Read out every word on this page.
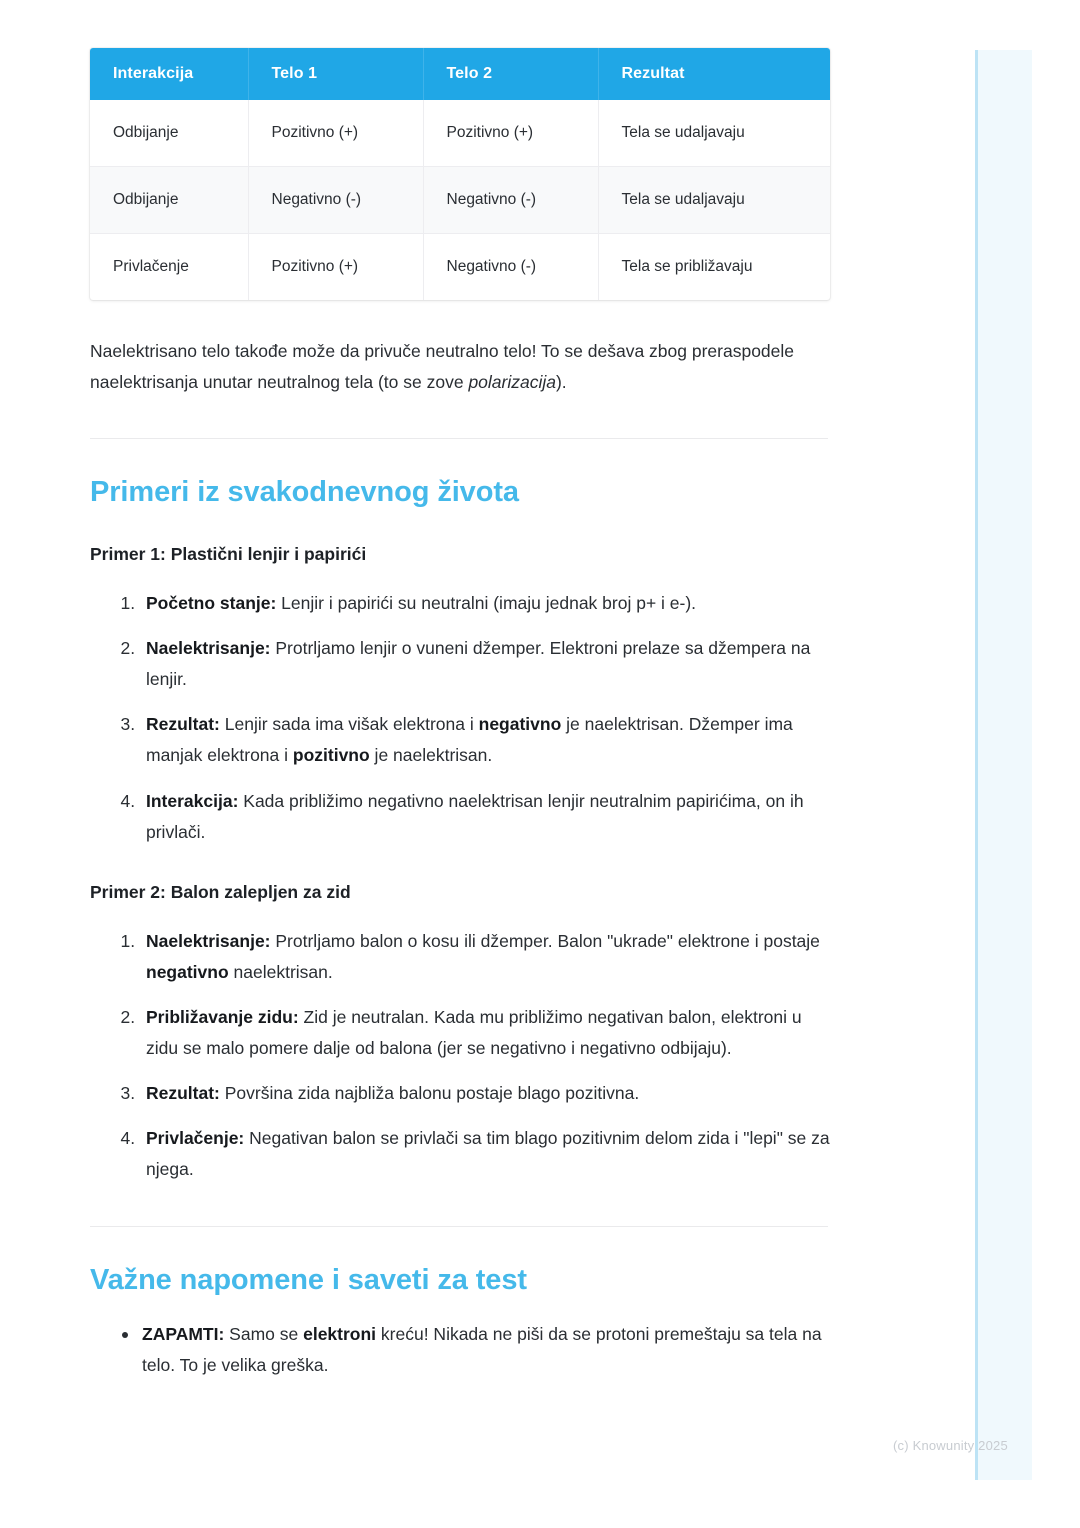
Interakcija	Telo 1	Telo 2	Rezultat
Odbijanje	Pozitivno (+)	Pozitivno (+)	Tela se udaljavaju
Odbijanje	Negativno (-)	Negativno (-)	Tela se udaljavaju
Privlačenje	Pozitivno (+)	Negativno (-)	Tela se približavaju

Naelektrisano telo takođe može da privuče neutralno telo! To se dešava zbog preraspodele naelektrisanja unutar neutralnog tela (to se zove polarizacija).

Primeri iz svakodnevnog života
Primer 1: Plastični lenjir i papirići
1. Početno stanje: Lenjir i papirići su neutralni (imaju jednak broj p+ i e-).
2. Naelektrisanje: Protrljamo lenjir o vuneni džemper. Elektroni prelaze sa džempera na lenjir.
3. Rezultat: Lenjir sada ima višak elektrona i negativno je naelektrisan. Džemper ima manjak elektrona i pozitivno je naelektrisan.
4. Interakcija: Kada približimo negativno naelektrisan lenjir neutralnim papirićima, on ih privlači.
Primer 2: Balon zalepljen za zid
1. Naelektrisanje: Protrljamo balon o kosu ili džemper. Balon "ukrade" elektrone i postaje negativno naelektrisan.
2. Približavanje zidu: Zid je neutralan. Kada mu približimo negativan balon, elektroni u zidu se malo pomere dalje od balona (jer se negativno i negativno odbijaju).
3. Rezultat: Površina zida najbliža balonu postaje blago pozitivna.
4. Privlačenje: Negativan balon se privlači sa tim blago pozitivnim delom zida i "lepi" se za njega.
Važne napomene i saveti za test
ZAPAMTI: Samo se elektroni kreću! Nikada ne piši da se protoni premeštaju sa tela na telo. To je velika greška.
(c) Knowunity 2025
